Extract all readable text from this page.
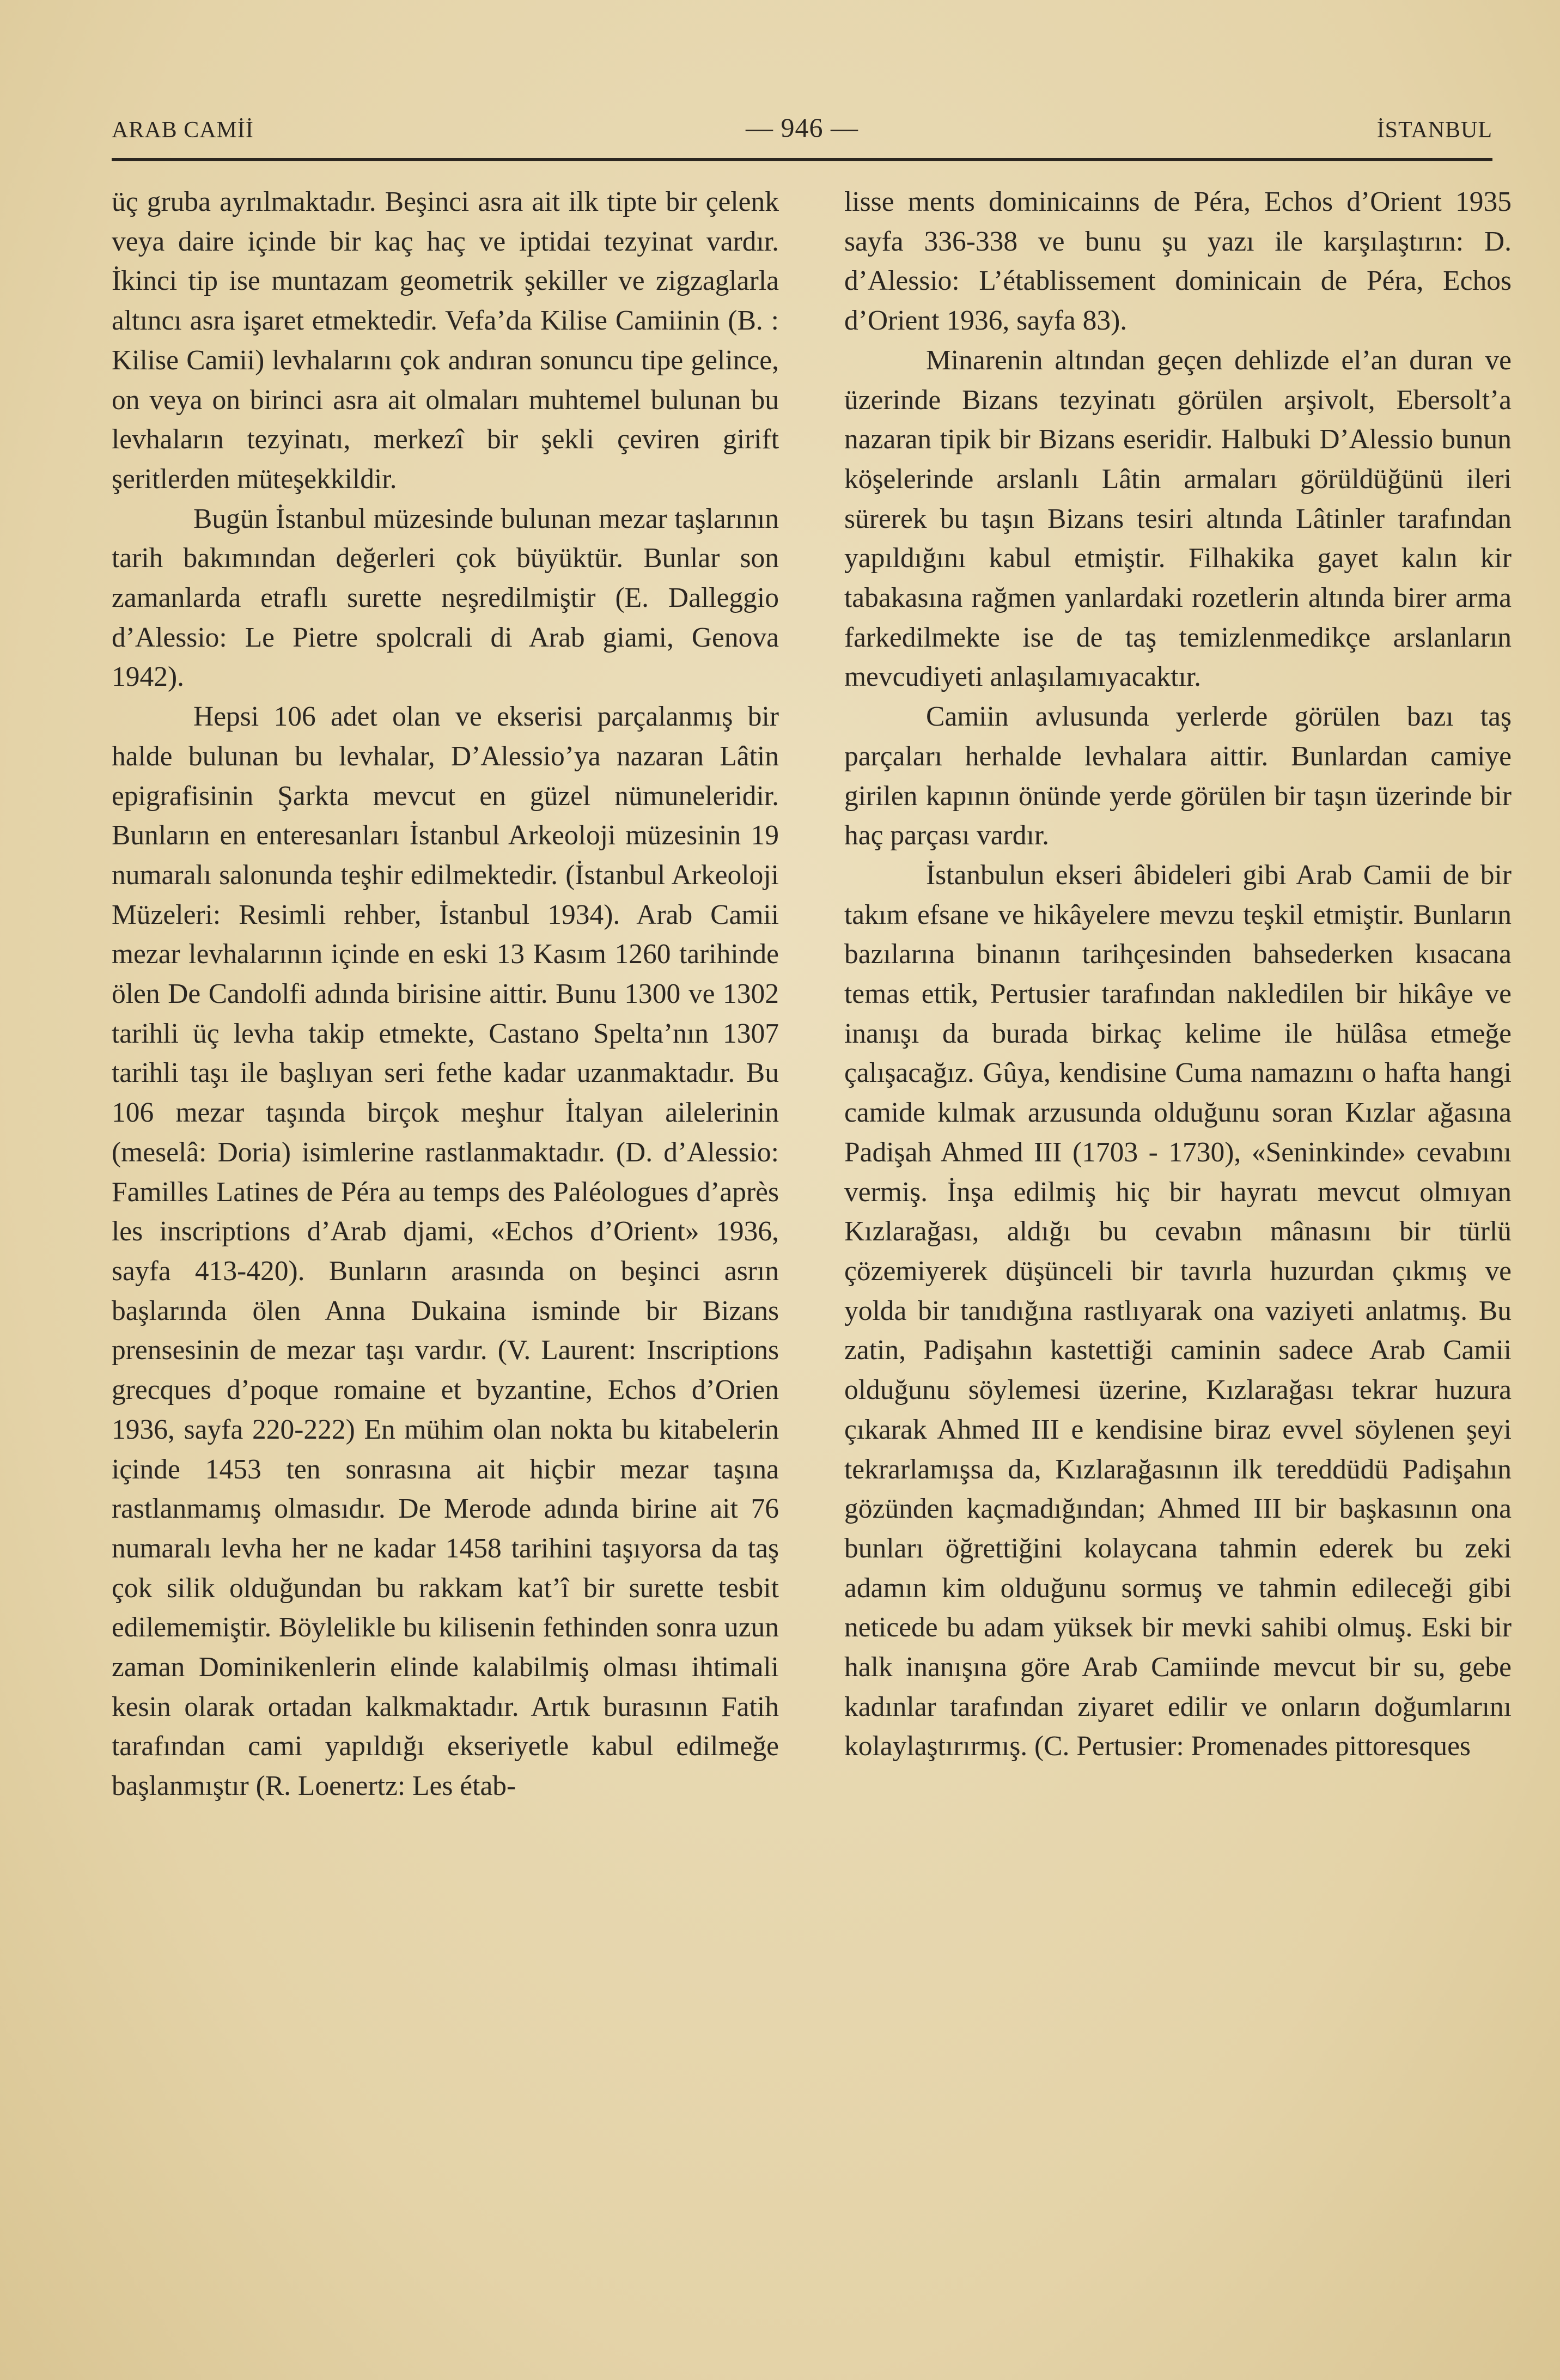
ARAB CAMİİ	— 946 —	İSTANBUL

üç gruba ayrılmaktadır. Beşinci asra ait ilk tipte bir çelenk veya daire içinde bir kaç haç ve iptidai tezyinat vardır. İkinci tip ise muntazam geometrik şekiller ve zigzaglarla altıncı asra işaret etmektedir. Vefa’da Kilise Camiinin (B. : Kilise Camii) levhalarını çok andıran sonuncu tipe gelince, on veya on birinci asra ait olmaları muhtemel bulunan bu levhaların tezyinatı, merkezî bir şekli çeviren girift şeritlerden müteşekkildir.

Bugün İstanbul müzesinde bulunan mezar taşlarının tarih bakımından değerleri çok büyüktür. Bunlar son zamanlarda etraflı surette neşredilmiştir (E. Dalleggio d’Alessio: Le Pietre spolcrali di Arab giami, Genova 1942).

Hepsi 106 adet olan ve ekserisi parçalanmış bir halde bulunan bu levhalar, D’Alessio’ya nazaran Lâtin epigrafisinin Şarkta mevcut en güzel nümuneleridir. Bunların en enteresanları İstanbul Arkeoloji müzesinin 19 numaralı salonunda teşhir edilmektedir. (İstanbul Arkeoloji Müzeleri: Resimli rehber, İstanbul 1934). Arab Camii mezar levhalarının içinde en eski 13 Kasım 1260 tarihinde ölen De Candolfi adında birisine aittir. Bunu 1300 ve 1302 tarihli üç levha takip etmekte, Castano Spelta’nın 1307 tarihli taşı ile başlıyan seri fethe kadar uzanmaktadır. Bu 106 mezar taşında birçok meşhur İtalyan ailelerinin (meselâ: Doria) isimlerine rastlanmaktadır. (D. d’Alessio: Familles Latines de Péra au temps des Paléologues d’après les inscriptions d’Arab djami, «Echos d’Orient» 1936, sayfa 413-420). Bunların arasında on beşinci asrın başlarında ölen Anna Dukaina isminde bir Bizans prensesinin de mezar taşı vardır. (V. Laurent: Inscriptions grecques d’poque romaine et byzantine, Echos d’Orien 1936, sayfa 220-222) En mühim olan nokta bu kitabelerin içinde 1453 ten sonrasına ait hiçbir mezar taşına rastlanmamış olmasıdır. De Merode adında birine ait 76 numaralı levha her ne kadar 1458 tarihini taşıyorsa da taş çok silik olduğundan bu rakkam kat’î bir surette tesbit edilememiştir. Böylelikle bu kilisenin fethinden sonra uzun zaman Dominikenlerin elinde kalabilmiş olması ihtimali kesin olarak ortadan kalkmaktadır. Artık burasının Fatih tarafından cami yapıldığı ekseriyetle kabul edilmeğe başlanmıştır (R. Loenertz: Les étab-

lisse ments dominicainns de Péra, Echos d’Orient 1935 sayfa 336-338 ve bunu şu yazı ile karşılaştırın: D. d’Alessio: L’établissement dominicain de Péra, Echos d’Orient 1936, sayfa 83).

Minarenin altından geçen dehlizde el’an duran ve üzerinde Bizans tezyinatı görülen arşivolt, Ebersolt’a nazaran tipik bir Bizans eseridir. Halbuki D’Alessio bunun köşelerinde arslanlı Lâtin armaları görüldüğünü ileri sürerek bu taşın Bizans tesiri altında Lâtinler tarafından yapıldığını kabul etmiştir. Filhakika gayet kalın kir tabakasına rağmen yanlardaki rozetlerin altında birer arma farkedilmekte ise de taş temizlenmedikçe arslanların mevcudiyeti anlaşılamıyacaktır.

Camiin avlusunda yerlerde görülen bazı taş parçaları herhalde levhalara aittir. Bunlardan camiye girilen kapının önünde yerde görülen bir taşın üzerinde bir haç parçası vardır.

İstanbulun ekseri âbideleri gibi Arab Camii de bir takım efsane ve hikâyelere mevzu teşkil etmiştir. Bunların bazılarına binanın tarihçesinden bahsederken kısacana temas ettik, Pertusier tarafından nakledilen bir hikâye ve inanışı da burada birkaç kelime ile hülâsa etmeğe çalışacağız. Gûya, kendisine Cuma namazını o hafta hangi camide kılmak arzusunda olduğunu soran Kızlar ağasına Padişah Ahmed III (1703 - 1730), «Seninkinde» cevabını vermiş. İnşa edilmiş hiç bir hayratı mevcut olmıyan Kızlarağası, aldığı bu cevabın mânasını bir türlü çözemiyerek düşünceli bir tavırla huzurdan çıkmış ve yolda bir tanıdığına rastlıyarak ona vaziyeti anlatmış. Bu zatin, Padişahın kastettiği caminin sadece Arab Camii olduğunu söylemesi üzerine, Kızlarağası tekrar huzura çıkarak Ahmed III e kendisine biraz evvel söylenen şeyi tekrarlamışsa da, Kızlarağasının ilk tereddüdü Padişahın gözünden kaçmadığından; Ahmed III bir başkasının ona bunları öğrettiğini kolaycana tahmin ederek bu zeki adamın kim olduğunu sormuş ve tahmin edileceği gibi neticede bu adam yüksek bir mevki sahibi olmuş. Eski bir halk inanışına göre Arab Camiinde mevcut bir su, gebe kadınlar tarafından ziyaret edilir ve onların doğumlarını kolaylaştırırmış. (C. Pertusier: Promenades pittoresques
